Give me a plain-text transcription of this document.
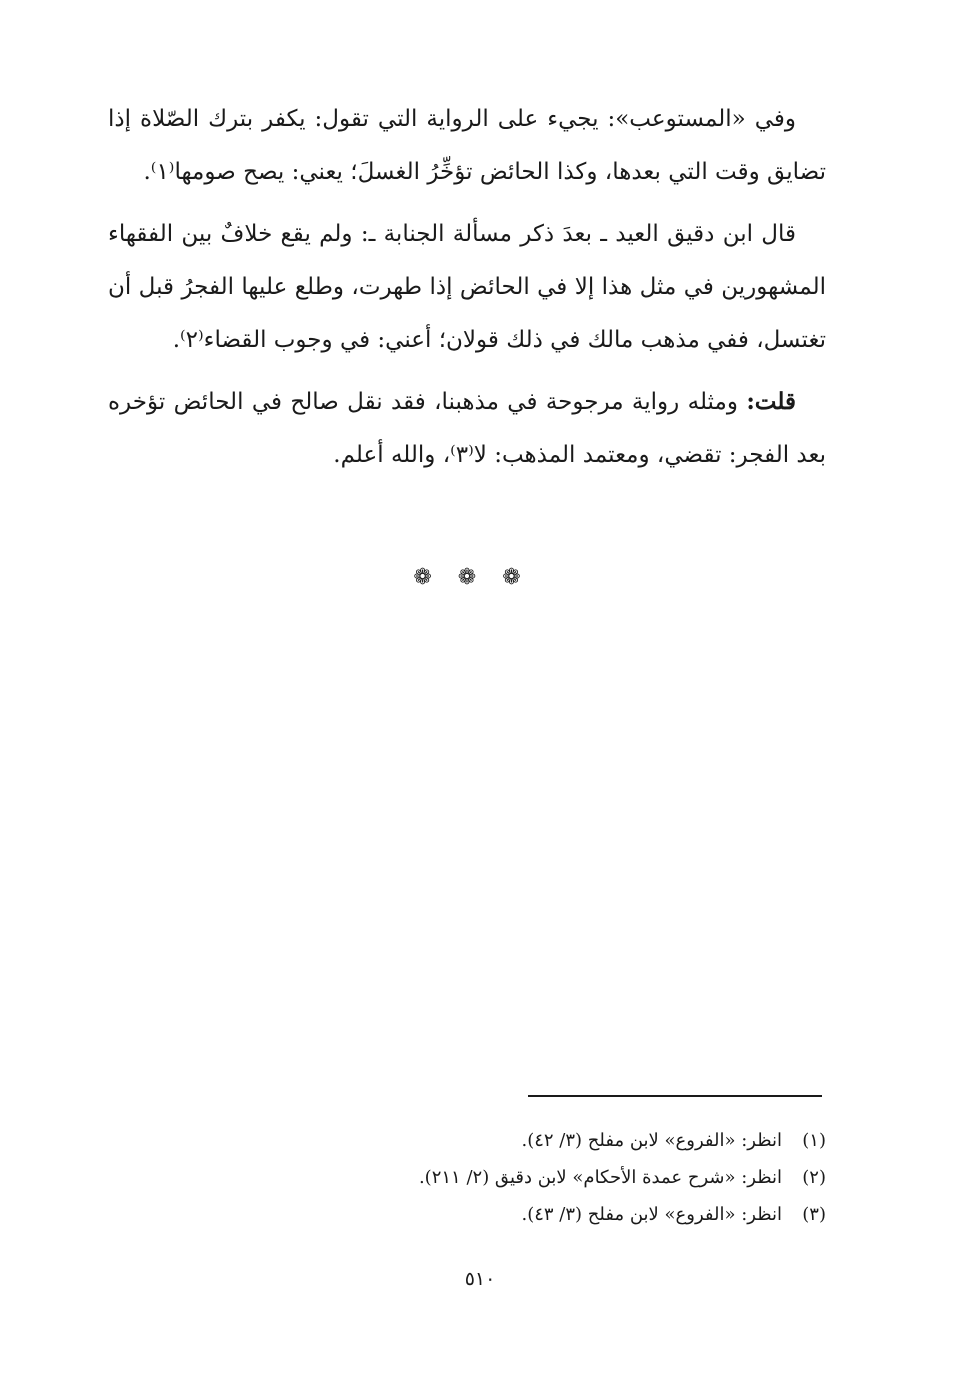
وفي «المستوعب»: يجيء على الرواية التي تقول: يكفر بترك الصّلاة إذا تضايق وقت التي بعدها، وكذا الحائض تؤخِّرُ الغسلَ؛ يعني: يصح صومها⁽١⁾.

قال ابن دقيق العيد ـ بعدَ ذكر مسألة الجنابة ـ: ولم يقع خلافٌ بين الفقهاء المشهورين في مثل هذا إلا في الحائض إذا طهرت، وطلع عليها الفجرُ قبل أن تغتسل، ففي مذهب مالك في ذلك قولان؛ أعني: في وجوب القضاء⁽٢⁾.

قلت: ومثله رواية مرجوحة في مذهبنا، فقد نقل صالح في الحائض تؤخره بعد الفجر: تقضي، ومعتمد المذهب: لا⁽٣⁾، والله أعلم.

❁❁❁

(١)انظر: «الفروع» لابن مفلح (٣/ ٤٢).

(٢)انظر: «شرح عمدة الأحكام» لابن دقيق (٢/ ٢١١).

(٣)انظر: «الفروع» لابن مفلح (٣/ ٤٣).

٥١٠
